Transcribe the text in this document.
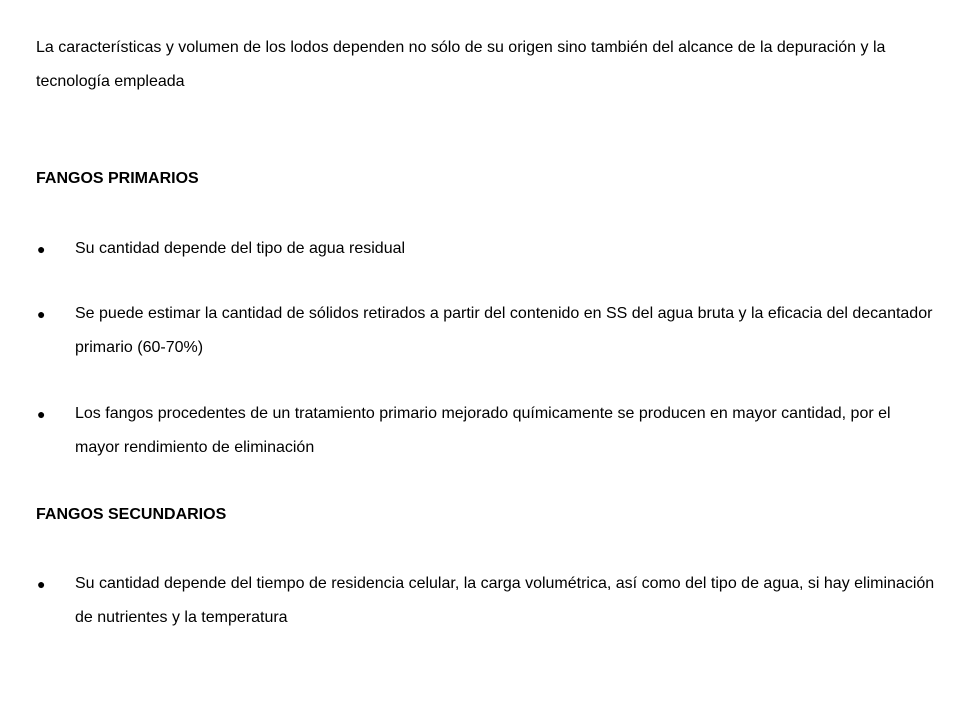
La características y volumen de los lodos dependen no sólo de su origen sino también del alcance de la depuración y la tecnología empleada

FANGOS PRIMARIOS

●	Su cantidad depende del tipo de agua residual
●	Se puede estimar la cantidad de sólidos retirados a partir del contenido en SS del agua bruta y la eficacia del decantador primario (60-70%)
●	Los fangos procedentes de un tratamiento primario mejorado químicamente se producen en mayor cantidad, por el mayor rendimiento de eliminación

FANGOS SECUNDARIOS

●	Su cantidad depende del tiempo de residencia celular, la carga volumétrica, así como del tipo de agua, si hay eliminación de nutrientes y la temperatura
